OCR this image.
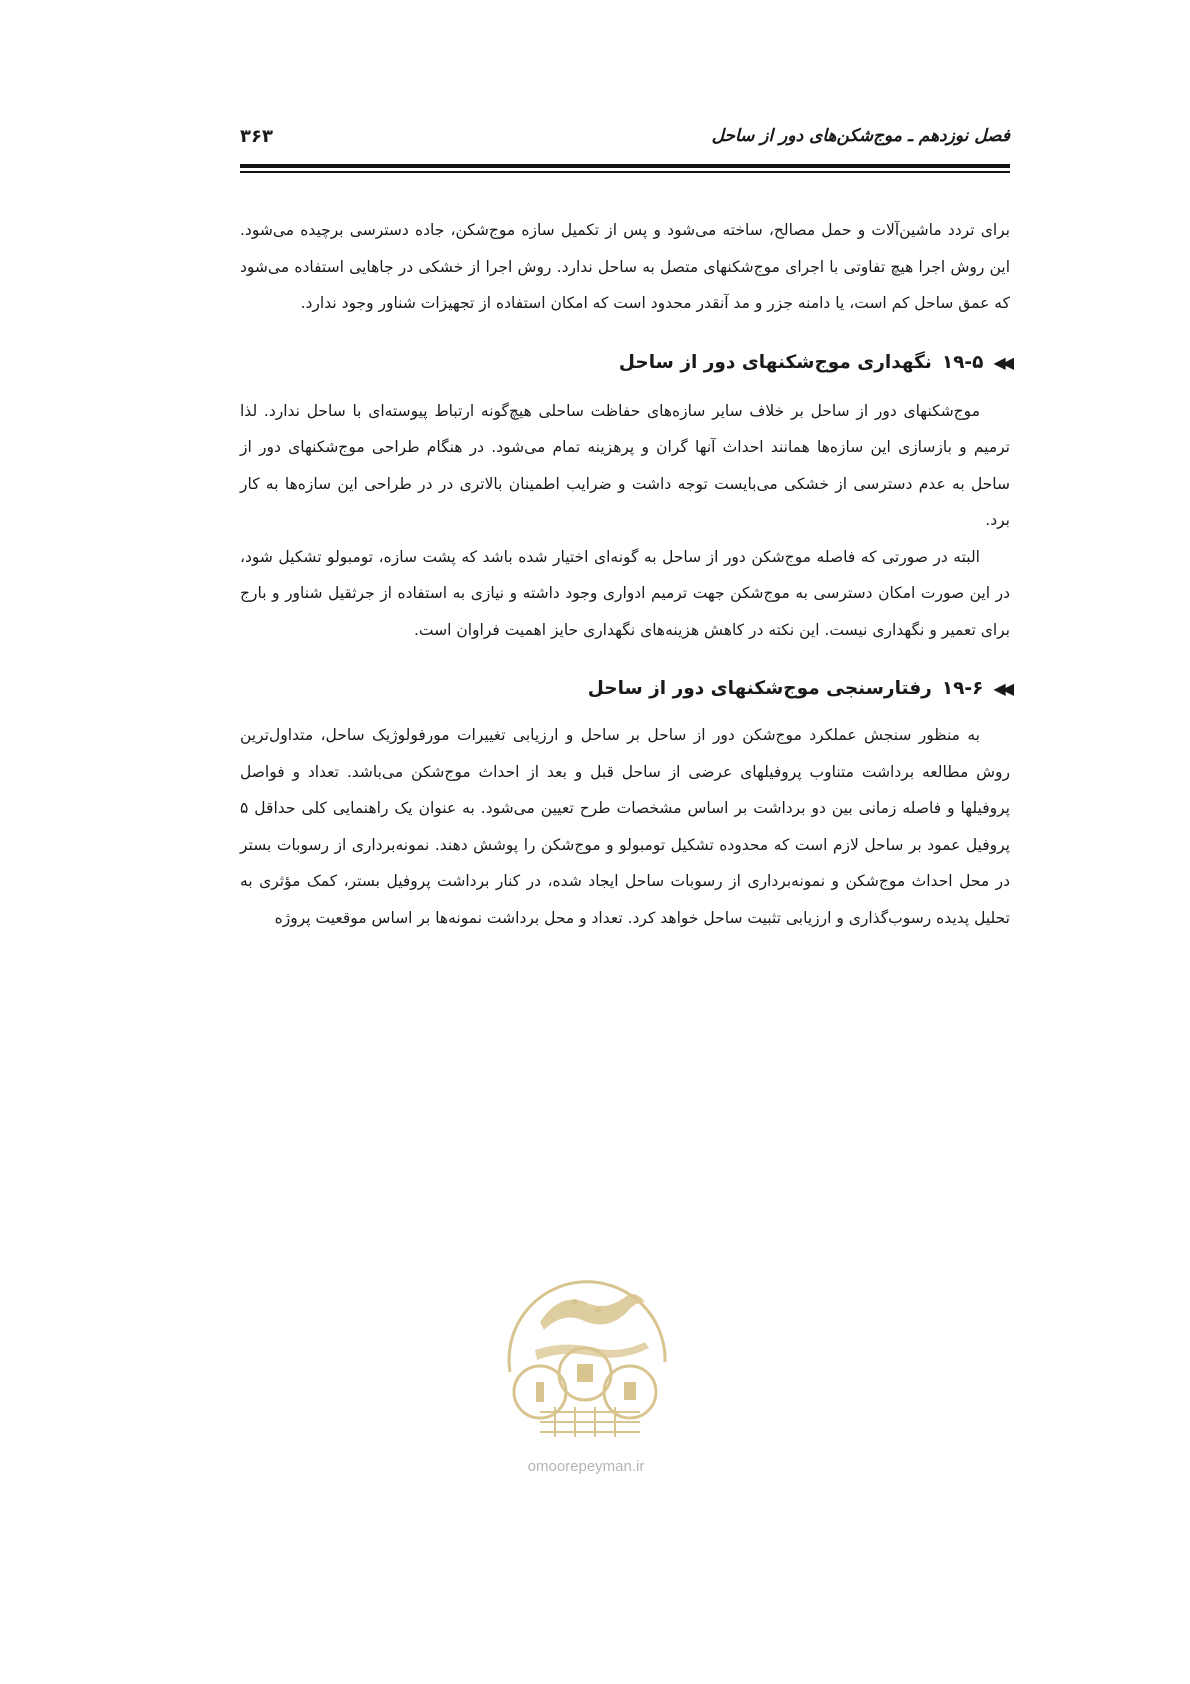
فصل نوزدهم ـ موج‌شکن‌های دور از ساحل
۳۶۳

برای تردد ماشین‌آلات و حمل مصالح، ساخته می‌شود و پس از تکمیل سازه موج‌شکن، جاده دسترسی برچیده می‌شود. این روش اجرا هیچ تفاوتی با اجرای موج‌شکنهای متصل به ساحل ندارد. روش اجرا از خشکی در جاهایی استفاده می‌شود که عمق ساحل کم است، یا دامنه جزر و مد آنقدر محدود است که امکان استفاده از تجهیزات شناور وجود ندارد.

◀◀
۱۹-۵
نگهداری موج‌شکنهای دور از ساحل

موج‌شکنهای دور از ساحل بر خلاف سایر سازه‌های حفاظت ساحلی هیچ‌گونه ارتباط پیوسته‌ای با ساحل ندارد. لذا ترمیم و بازسازی این سازه‌ها همانند احداث آنها گران و پرهزینه تمام می‌شود. در هنگام طراحی موج‌شکنهای دور از ساحل به عدم دسترسی از خشکی می‌بایست توجه داشت و ضرایب اطمینان بالاتری در در طراحی این سازه‌ها به کار برد.

البته در صورتی که فاصله موج‌شکن دور از ساحل به گونه‌ای اختیار شده باشد که پشت سازه، تومبولو تشکیل شود، در این صورت امکان دسترسی به موج‌شکن جهت ترمیم ادواری وجود داشته و نیازی به استفاده از جرثقیل شناور و بارج برای تعمیر و نگهداری نیست. این نکته در کاهش هزینه‌های نگهداری حایز اهمیت فراوان است.

◀◀
۱۹-۶
رفتارسنجی موج‌شکنهای دور از ساحل

به منظور سنجش عملکرد موج‌شکن دور از ساحل بر ساحل و ارزیابی تغییرات مورفولوژیک ساحل، متداول‌ترین روش مطالعه برداشت متناوب پروفیلهای عرضی از ساحل قبل و بعد از احداث موج‌شکن می‌باشد. تعداد و فواصل پروفیلها و فاصله زمانی بین دو برداشت بر اساس مشخصات طرح تعیین می‌شود. به عنوان یک راهنمایی کلی حداقل ۵ پروفیل عمود بر ساحل لازم است که محدوده تشکیل تومبولو و موج‌شکن را پوشش دهند. نمونه‌برداری از رسوبات بستر در محل احداث موج‌شکن و نمونه‌برداری از رسوبات ساحل ایجاد شده، در کنار برداشت پروفیل بستر، کمک مؤثری به تحلیل پدیده رسوب‌گذاری و ارزیابی تثبیت ساحل خواهد کرد. تعداد و محل برداشت نمونه‌ها بر اساس موقعیت پروژه

omoorepeyman.ir
